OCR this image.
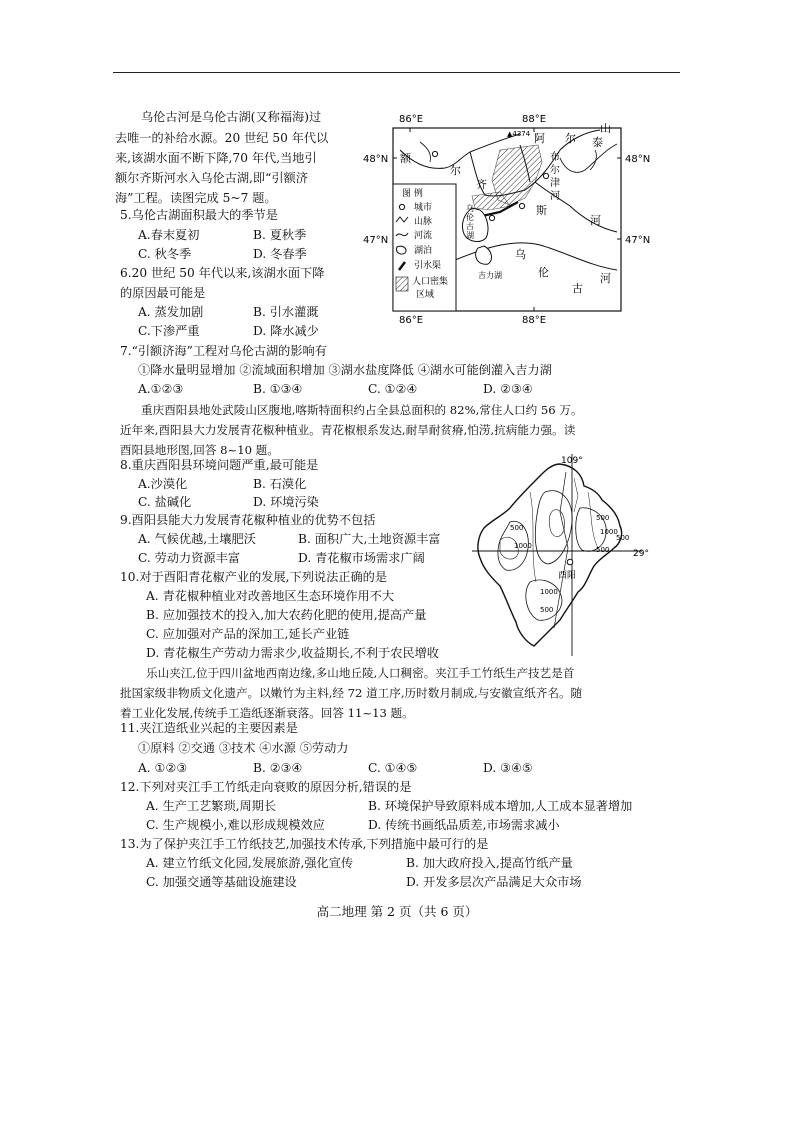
乌伦古河是乌伦古湖(又称福海)过
去唯一的补给水源。20 世纪 50 年代以
来,该湖水面不断下降,70 年代,当地引
额尔齐斯河水入乌伦古湖,即“引额济
海”工程。读图完成 5~7 题。
5.乌伦古湖面积最大的季节是
A.春末夏初	B. 夏秋季
C. 秋冬季	D. 冬春季
6.20 世纪 50 年代以来,该湖水面下降
的原因最可能是
A. 蒸发加剧	B. 引水灌溉
C.下渗严重	D. 降水减少
7.“引额济海”工程对乌伦古湖的影响有
①降水量明显增加 ②流域面积增加 ③湖水盐度降低 ④湖水可能倒灌入吉力湖
A.①②③	B. ①③④	C. ①②④	D. ②③④
重庆酉阳县地处武陵山区腹地,喀斯特面积约占全县总面积的 82%,常住人口约 56 万。
近年来,酉阳县大力发展青花椒种植业。青花椒根系发达,耐旱耐贫瘠,怕涝,抗病能力强。读
酉阳县地形图,回答 8~10 题。
8.重庆酉阳县环境问题严重,最可能是
A.沙漠化	B. 石漠化
C. 盐碱化	D. 环境污染
9.酉阳县能大力发展青花椒种植业的优势不包括
A. 气候优越,土壤肥沃	B. 面积广大,土地资源丰富
C. 劳动力资源丰富	D. 青花椒市场需求广阔
10.对于酉阳青花椒产业的发展,下列说法正确的是
A. 青花椒种植业对改善地区生态环境作用不大
B. 应加强技术的投入,加大农药化肥的使用,提高产量
C. 应加强对产品的深加工,延长产业链
D. 青花椒生产劳动力需求少,收益期长,不利于农民增收
乐山夹江,位于四川盆地西南边缘,多山地丘陵,人口稠密。夹江手工竹纸生产技艺是首
批国家级非物质文化遗产。以嫩竹为主料,经 72 道工序,历时数月制成,与安徽宣纸齐名。随
着工业化发展,传统手工造纸逐渐衰落。回答 11~13 题。
11.夹江造纸业兴起的主要因素是
①原料 ②交通 ③技术 ④水源 ⑤劳动力
A. ①②③	B. ②③④	C. ①④⑤	D. ③④⑤
12.下列对夹江手工竹纸走向衰败的原因分析,错误的是
A. 生产工艺繁琐,周期长	B. 环境保护导致原料成本增加,人工成本显著增加
C. 生产规模小,难以形成规模效应	D. 传统书画纸品质差,市场需求减小
13.为了保护夹江手工竹纸技艺,加强技术传承,下列措施中最可行的是
A. 建立竹纸文化园,发展旅游,强化宣传	B. 加大政府投入,提高竹纸产量
C. 加强交通等基础设施建设	D. 开发多层次产品满足大众市场
86°E	88°E
86°E	88°E
48°N
47°N
48°N
47°N
▲4374
额
尔
齐
阿 尔 泰
山
布
尔
津
河
斯
河
乌
伦
古
河
乌
伦
古
湖
吉力湖
图 例
城市
山脉
河流
湖泊
引水渠
人口密集
区域
109°
29°
500
1000
500
1000
500
500
1000
500
酉阳
高二地理 第 2 页（共 6 页）
